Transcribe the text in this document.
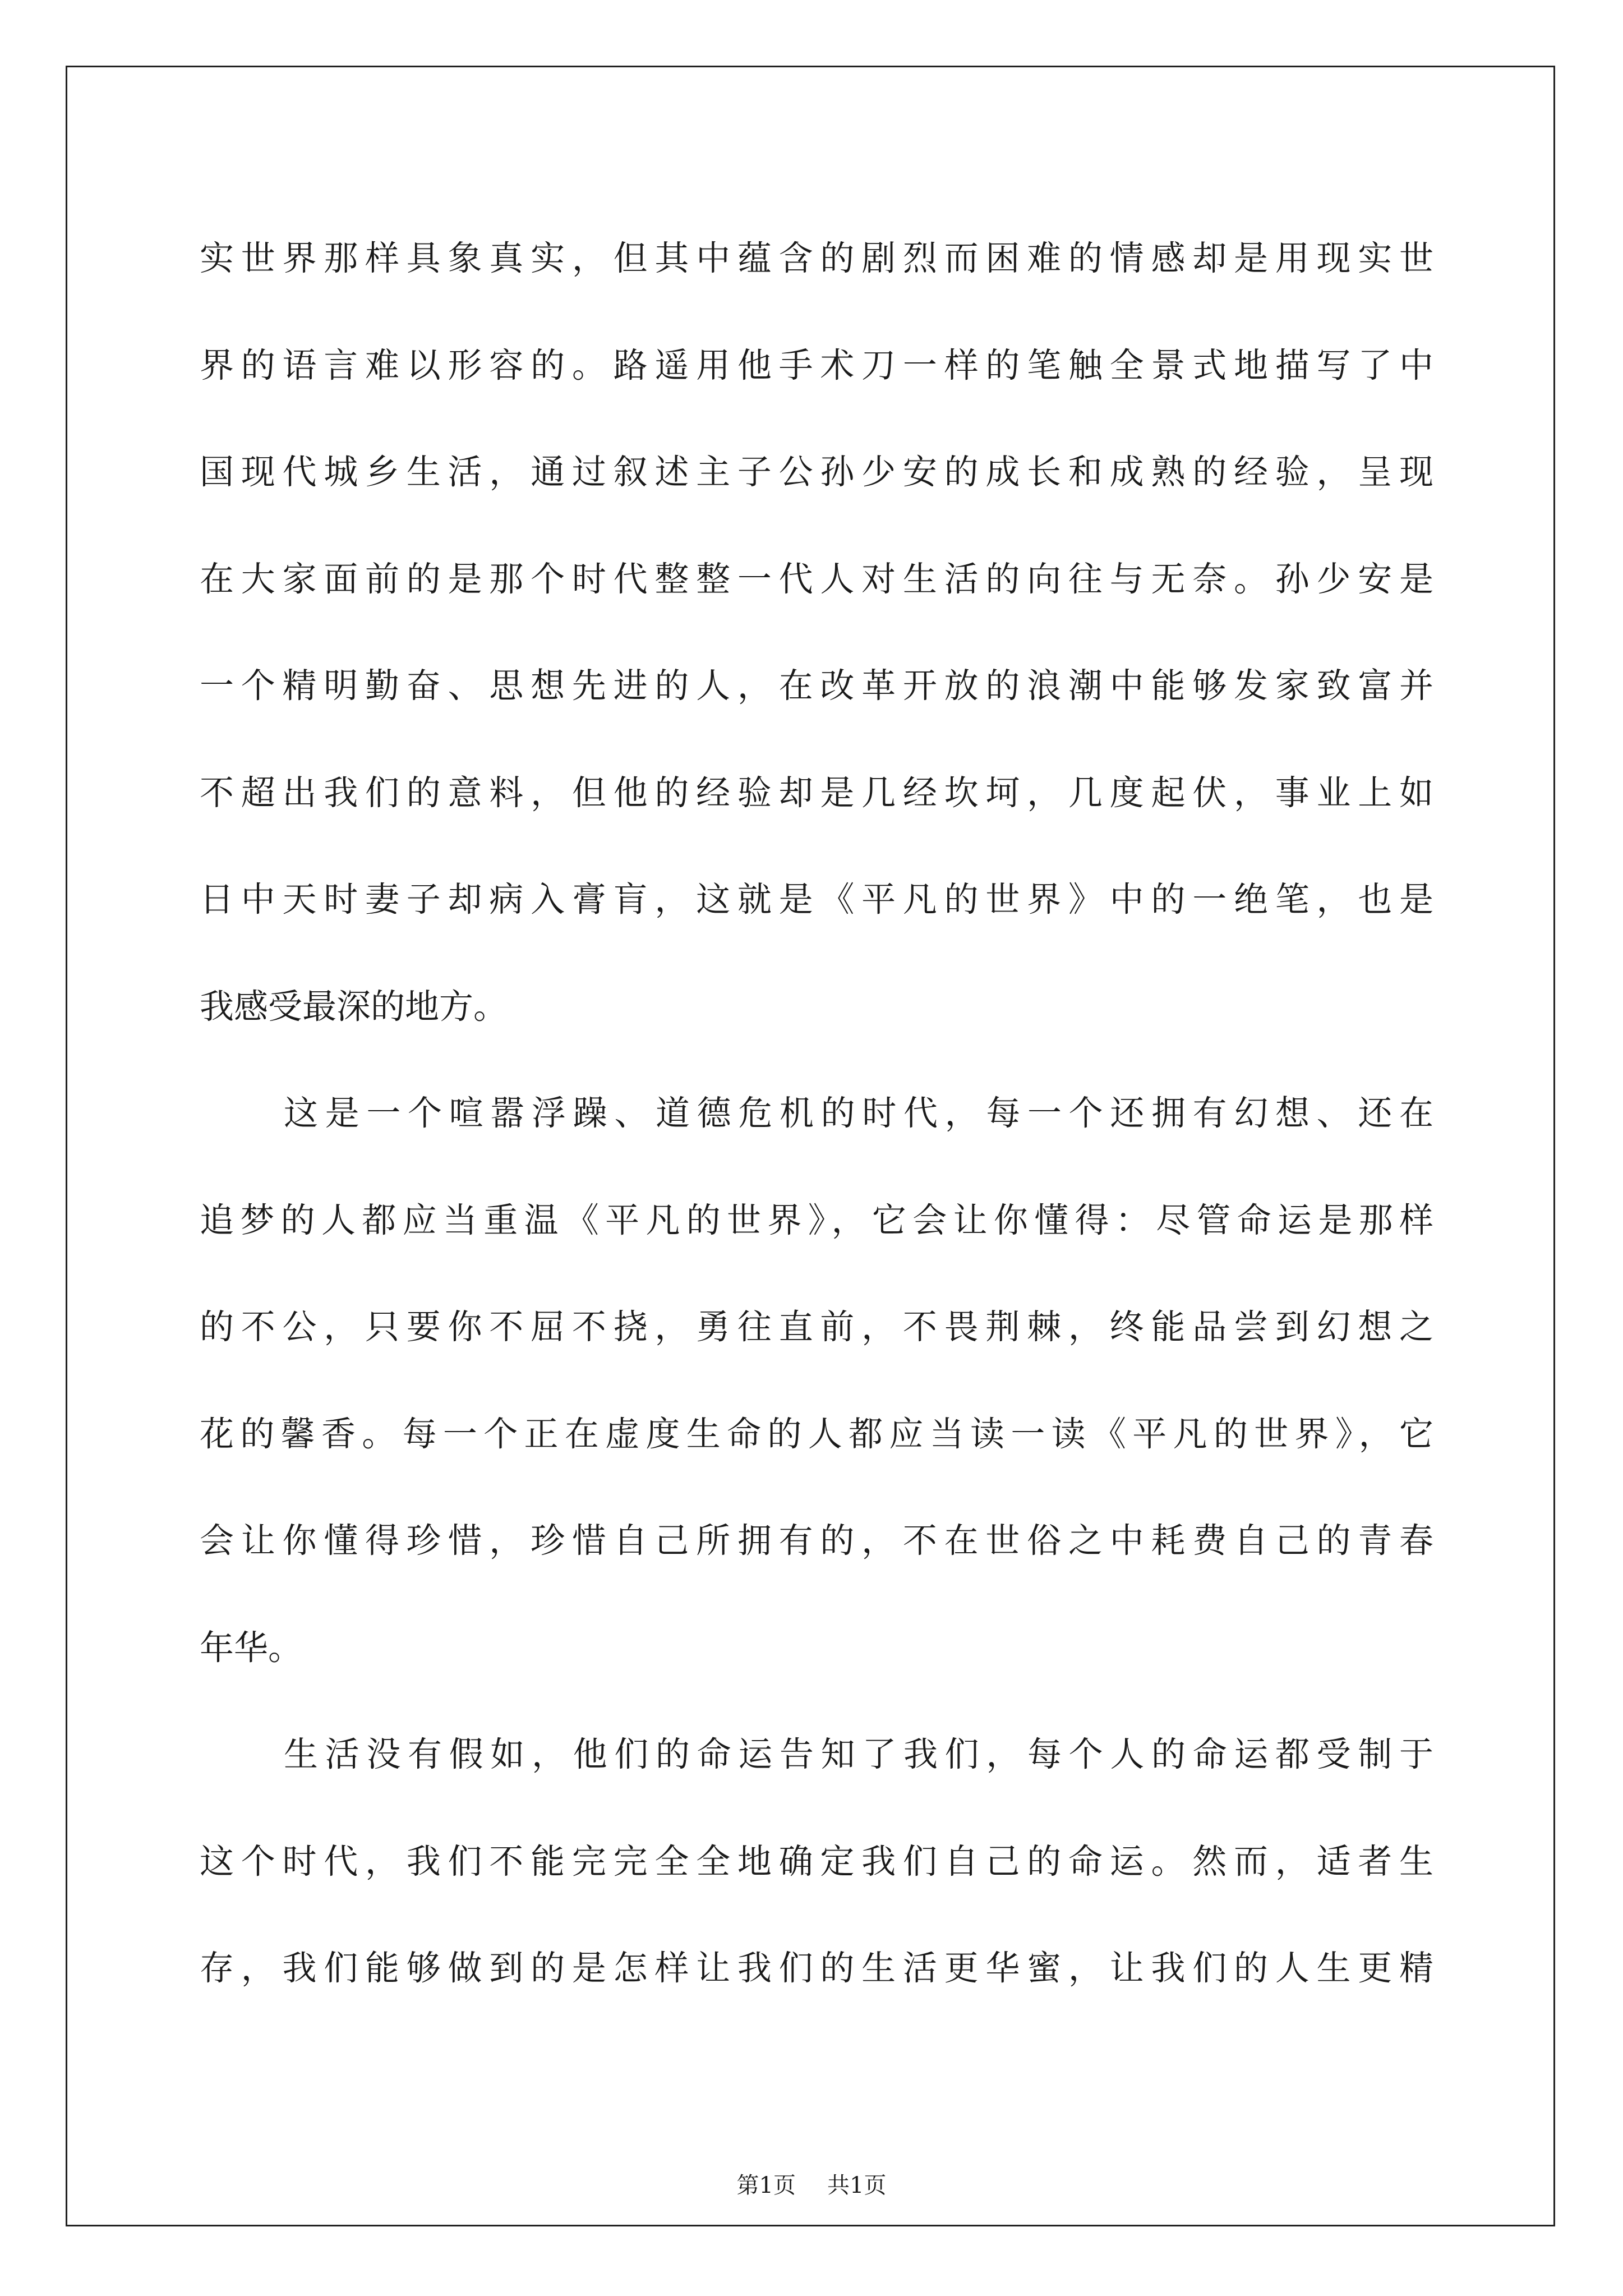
实世界那样具象真实，但其中蕴含的剧烈而困难的情感却是用现实世
界的语言难以形容的。路遥用他手术刀一样的笔触全景式地描写了中
国现代城乡生活，通过叙述主子公孙少安的成长和成熟的经验，呈现
在大家面前的是那个时代整整一代人对生活的向往与无奈。孙少安是
一个精明勤奋、思想先进的人，在改革开放的浪潮中能够发家致富并
不超出我们的意料，但他的经验却是几经坎坷，几度起伏，事业上如
日中天时妻子却病入膏肓，这就是《平凡的世界》中的一绝笔，也是
我感受最深的地方。
这是一个喧嚣浮躁、道德危机的时代，每一个还拥有幻想、还在
追梦的人都应当重温《平凡的世界》，它会让你懂得：尽管命运是那样
的不公，只要你不屈不挠，勇往直前，不畏荆棘，终能品尝到幻想之
花的馨香。每一个正在虚度生命的人都应当读一读《平凡的世界》，它
会让你懂得珍惜，珍惜自己所拥有的，不在世俗之中耗费自己的青春
年华。
生活没有假如，他们的命运告知了我们，每个人的命运都受制于
这个时代，我们不能完完全全地确定我们自己的命运。然而，适者生
存，我们能够做到的是怎样让我们的生活更华蜜，让我们的人生更精
第1页 共1页
